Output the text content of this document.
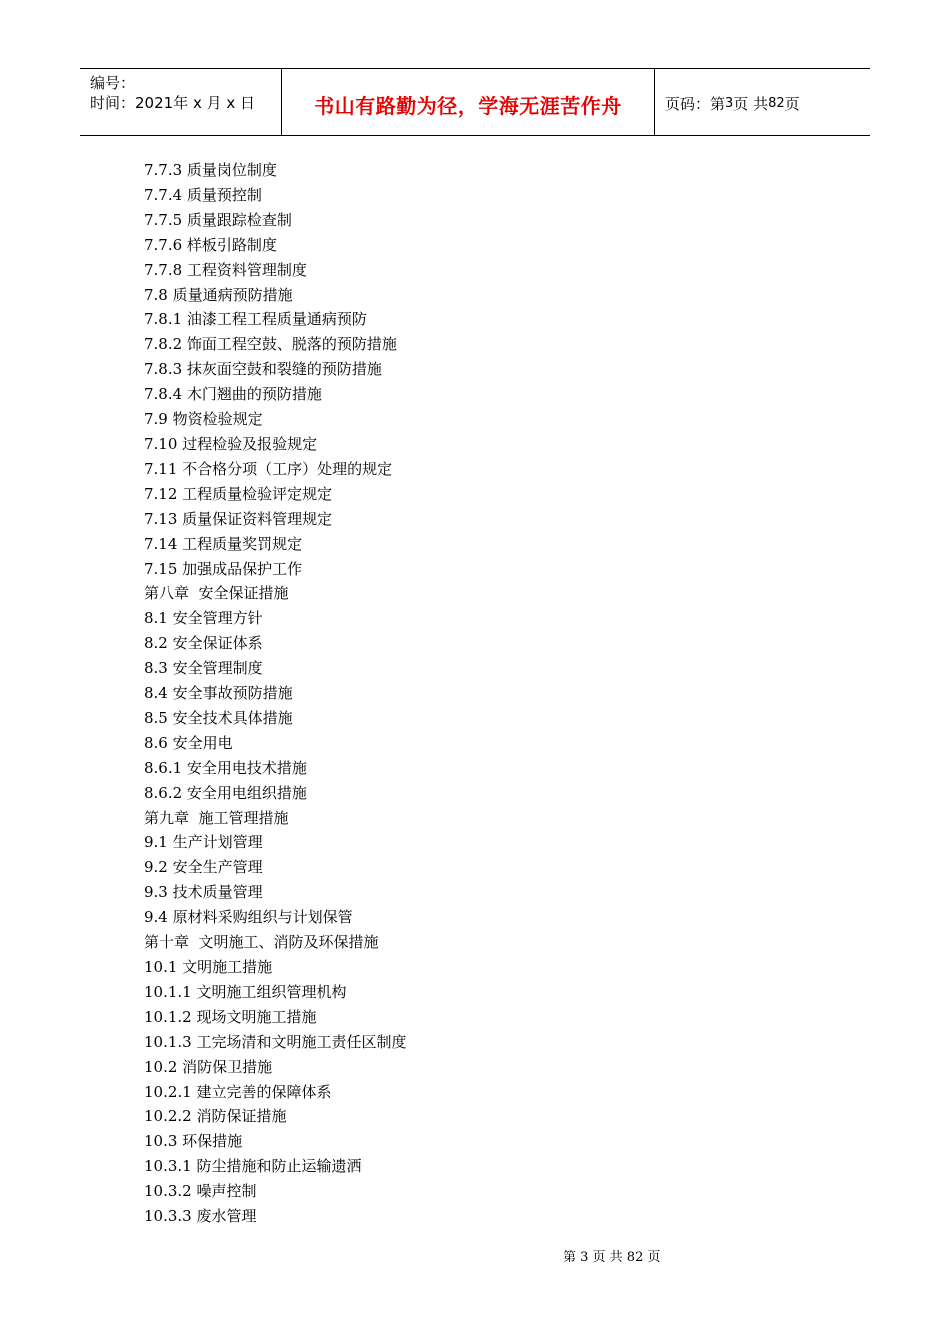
编号：
时间：2021年 x 月 x 日	书山有路勤为径，学海无涯苦作舟	页码：第 3 页 共 82 页
7.7.3 质量岗位制度
7.7.4 质量预控制
7.7.5 质量跟踪检查制
7.7.6 样板引路制度
7.7.8 工程资料管理制度
7.8 质量通病预防措施
7.8.1 油漆工程工程质量通病预防
7.8.2 饰面工程空鼓、脱落的预防措施
7.8.3 抹灰面空鼓和裂缝的预防措施
7.8.4 木门翘曲的预防措施
7.9 物资检验规定
7.10 过程检验及报验规定
7.11 不合格分项（工序）处理的规定
7.12 工程质量检验评定规定
7.13 质量保证资料管理规定
7.14 工程质量奖罚规定
7.15 加强成品保护工作
第八章  安全保证措施
8.1 安全管理方针
8.2 安全保证体系
8.3 安全管理制度
8.4 安全事故预防措施
8.5 安全技术具体措施
8.6 安全用电
8.6.1 安全用电技术措施
8.6.2 安全用电组织措施
第九章  施工管理措施
9.1 生产计划管理
9.2 安全生产管理
9.3 技术质量管理
9.4 原材料采购组织与计划保管
第十章  文明施工、消防及环保措施
10.1 文明施工措施
10.1.1 文明施工组织管理机构
10.1.2 现场文明施工措施
10.1.3 工完场清和文明施工责任区制度
10.2 消防保卫措施
10.2.1 建立完善的保障体系
10.2.2 消防保证措施
10.3 环保措施
10.3.1 防尘措施和防止运输遗洒
10.3.2 噪声控制
10.3.3 废水管理
第 3 页 共 82 页
